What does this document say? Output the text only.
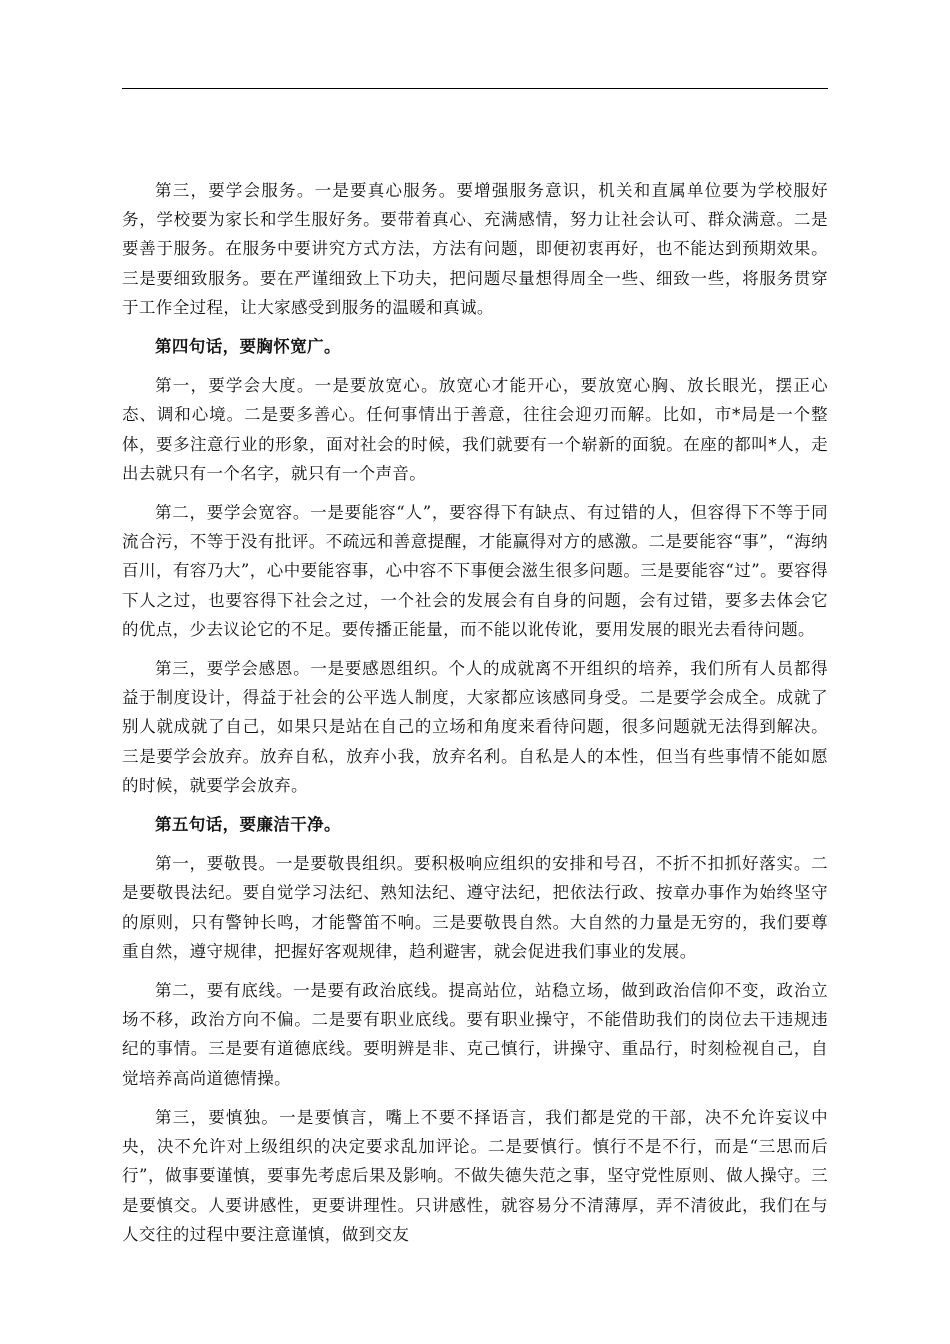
第三，要学会服务。一是要真心服务。要增强服务意识，机关和直属单位要为学校服好务，学校要为家长和学生服好务。要带着真心、充满感情，努力让社会认可、群众满意。二是要善于服务。在服务中要讲究方式方法，方法有问题，即便初衷再好，也不能达到预期效果。三是要细致服务。要在严谨细致上下功夫，把问题尽量想得周全一些、细致一些，将服务贯穿于工作全过程，让大家感受到服务的温暖和真诚。

第四句话，要胸怀宽广。

第一，要学会大度。一是要放宽心。放宽心才能开心，要放宽心胸、放长眼光，摆正心态、调和心境。二是要多善心。任何事情出于善意，往往会迎刃而解。比如，市*局是一个整体，要多注意行业的形象，面对社会的时候，我们就要有一个崭新的面貌。在座的都叫*人，走出去就只有一个名字，就只有一个声音。

第二，要学会宽容。一是要能容“人”，要容得下有缺点、有过错的人，但容得下不等于同流合污，不等于没有批评。不疏远和善意提醒，才能赢得对方的感激。二是要能容“事”，“海纳百川，有容乃大”，心中要能容事，心中容不下事便会滋生很多问题。三是要能容“过”。要容得下人之过，也要容得下社会之过，一个社会的发展会有自身的问题，会有过错，要多去体会它的优点，少去议论它的不足。要传播正能量，而不能以讹传讹，要用发展的眼光去看待问题。

第三，要学会感恩。一是要感恩组织。个人的成就离不开组织的培养，我们所有人员都得益于制度设计，得益于社会的公平选人制度，大家都应该感同身受。二是要学会成全。成就了别人就成就了自己，如果只是站在自己的立场和角度来看待问题，很多问题就无法得到解决。三是要学会放弃。放弃自私，放弃小我，放弃名利。自私是人的本性，但当有些事情不能如愿的时候，就要学会放弃。

第五句话，要廉洁干净。

第一，要敬畏。一是要敬畏组织。要积极响应组织的安排和号召，不折不扣抓好落实。二是要敬畏法纪。要自觉学习法纪、熟知法纪、遵守法纪，把依法行政、按章办事作为始终坚守的原则，只有警钟长鸣，才能警笛不响。三是要敬畏自然。大自然的力量是无穷的，我们要尊重自然，遵守规律，把握好客观规律，趋利避害，就会促进我们事业的发展。

第二，要有底线。一是要有政治底线。提高站位，站稳立场，做到政治信仰不变，政治立场不移，政治方向不偏。二是要有职业底线。要有职业操守，不能借助我们的岗位去干违规违纪的事情。三是要有道德底线。要明辨是非、克己慎行，讲操守、重品行，时刻检视自己，自觉培养高尚道德情操。

第三，要慎独。一是要慎言，嘴上不要不择语言，我们都是党的干部，决不允许妄议中央，决不允许对上级组织的决定要求乱加评论。二是要慎行。慎行不是不行，而是“三思而后行”，做事要谨慎，要事先考虑后果及影响。不做失德失范之事，坚守党性原则、做人操守。三是要慎交。人要讲感性，更要讲理性。只讲感性，就容易分不清薄厚，弄不清彼此，我们在与人交往的过程中要注意谨慎，做到交友
